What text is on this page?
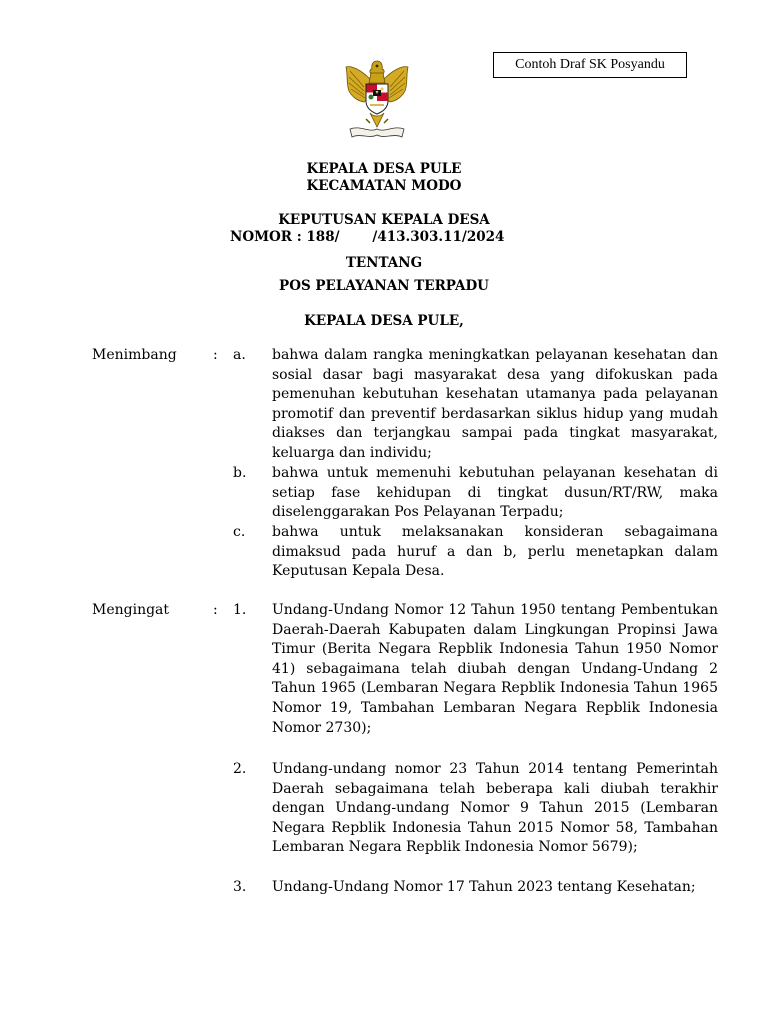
Contoh Draf SK Posyandu
KEPALA DESA PULE
KECAMATAN MODO
KEPUTUSAN KEPALA DESA
NOMOR : 188/       /413.303.11/2024
TENTANG
POS PELAYANAN TERPADU
KEPALA DESA PULE,
Menimbang	: a. bahwa dalam rangka meningkatkan pelayanan kesehatan dan sosial dasar bagi masyarakat desa yang difokuskan pada pemenuhan kebutuhan kesehatan utamanya pada pelayanan promotif dan preventif berdasarkan siklus hidup yang mudah diakses dan terjangkau sampai pada tingkat masyarakat, keluarga dan individu;

b. bahwa untuk memenuhi kebutuhan pelayanan kesehatan di setiap fase kehidupan di tingkat dusun/RT/RW, maka diselenggarakan Pos Pelayanan Terpadu;

c. bahwa untuk melaksanakan konsideran sebagaimana dimaksud pada huruf a dan b, perlu menetapkan dalam Keputusan Kepala Desa.

Mengingat	: 1. Undang-Undang Nomor 12 Tahun 1950 tentang Pembentukan Daerah-Daerah Kabupaten dalam Lingkungan Propinsi Jawa Timur (Berita Negara Repblik Indonesia Tahun 1950 Nomor 41) sebagaimana telah diubah dengan Undang-Undang 2 Tahun 1965 (Lembaran Negara Repblik Indonesia Tahun 1965 Nomor 19, Tambahan Lembaran Negara Repblik Indonesia Nomor 2730);

2. Undang-undang nomor 23 Tahun 2014 tentang Pemerintah Daerah sebagaimana telah beberapa kali diubah terakhir dengan Undang-undang Nomor 9 Tahun 2015 (Lembaran Negara Repblik Indonesia Tahun 2015 Nomor 58, Tambahan Lembaran Negara Repblik Indonesia Nomor 5679);

3. Undang-Undang Nomor 17 Tahun 2023 tentang Kesehatan;
